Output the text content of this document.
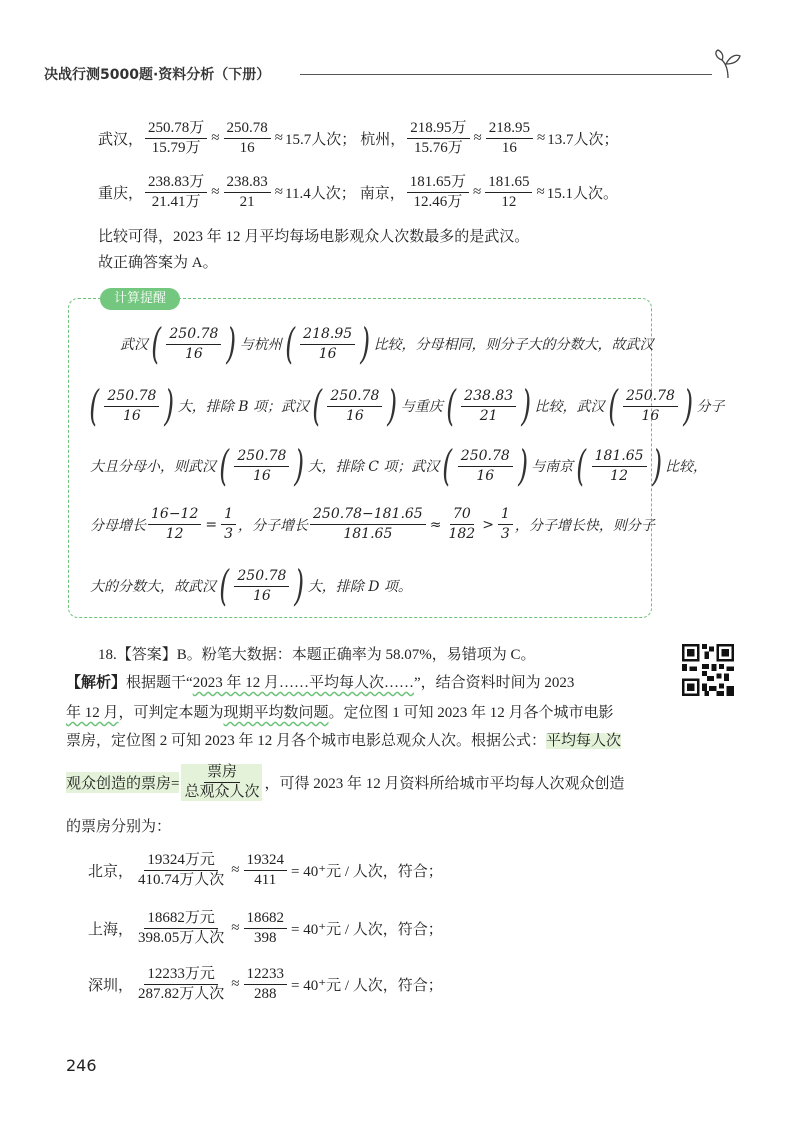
决战行测5000题·资料分析（下册）
武汉， $\frac{\text{250.78万}}{\text{15.79万}} \approx \frac{250.78}{16} \approx 15.7$人次； 杭州， $\frac{\text{218.95万}}{\text{15.76万}} \approx \frac{218.95}{16} \approx 13.7$人次；
重庆， $\frac{\text{238.83万}}{\text{21.41万}} \approx \frac{238.83}{21} \approx 11.4$人次； 南京， $\frac{\text{181.65万}}{\text{12.46万}} \approx \frac{181.65}{12} \approx 15.1$人次。
比较可得，2023 年 12 月平均每场电影观众人次数最多的是武汉。
故正确答案为 A。
计算提醒
武汉 ( $\frac{250.78}{16}$ ) 与杭州 ( $\frac{218.95}{16}$ ) 比较，分母相同，则分子大的分数大，故武汉
( $\frac{250.78}{16}$ ) 大，排除 B 项；武汉 ( $\frac{250.78}{16}$ ) 与重庆 ( $\frac{238.83}{21}$ ) 比较，武汉 ( $\frac{250.78}{16}$ ) 分子
大且分母小，则武汉 ( $\frac{250.78}{16}$ ) 大，排除 C 项；武汉 ( $\frac{250.78}{16}$ ) 与南京 ( $\frac{181.65}{12}$ ) 比较，
分母增长 $\frac{16-12}{12} = \frac{1}{3}$ ，分子增长 $\frac{250.78-181.65}{181.65} \approx \frac{70}{182} > \frac{1}{3}$ ，分子增长快，则分子
大的分数大，故武汉 ( $\frac{250.78}{16}$ ) 大，排除 D 项。
18.【答案】B。粉笔大数据：本题正确率为 58.07%，易错项为 C。
【解析】根据题干“2023 年 12 月……平均每人次……”，结合资料时间为 2023
年 12 月，可判定本题为现期平均数问题。定位图 1 可知 2023 年 12 月各个城市电影
票房，定位图 2 可知 2023 年 12 月各个城市电影总观众人次。根据公式：平均每人次
观众创造的票房= $\frac{\text{票房}}{\text{总观众人次}}$ ，可得 2023 年 12 月资料所给城市平均每人次观众创造
的票房分别为：
北京， $\frac{\text{19324万元}}{\text{410.74万人次}} \approx \frac{19324}{411} = 40^+$元 / 人次，符合；
上海， $\frac{\text{18682万元}}{\text{398.05万人次}} \approx \frac{18682}{398} = 40^+$元 / 人次，符合；
深圳， $\frac{\text{12233万元}}{\text{287.82万人次}} \approx \frac{12233}{288} = 40^+$元 / 人次，符合；
246
